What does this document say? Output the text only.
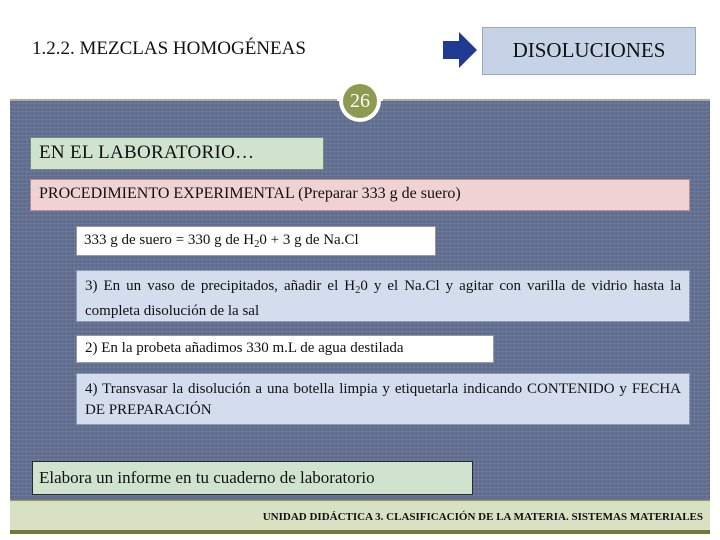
1.2.2. MEZCLAS HOMOGÉNEAS	DISOLUCIONES
26
EN EL LABORATORIO…
PROCEDIMIENTO EXPERIMENTAL (Preparar 333 g de suero)
333 g de suero = 330 g de $H_20 + 3$ g de Na.Cl
3) En un vaso de precipitados, añadir el $H_20$ y el Na.Cl y agitar con varilla de vidrio hasta la completa disolución de la sal
2) En la probeta añadimos 330 m.L de agua destilada
4) Transvasar la disolución a una botella limpia y etiquetarla indicando CONTENIDO y FECHA DE PREPARACIÓN
Elabora un informe en tu cuaderno de laboratorio
UNIDAD DIDÁCTICA 3. CLASIFICACIÓN DE LA MATERIA. SISTEMAS MATERIALES
